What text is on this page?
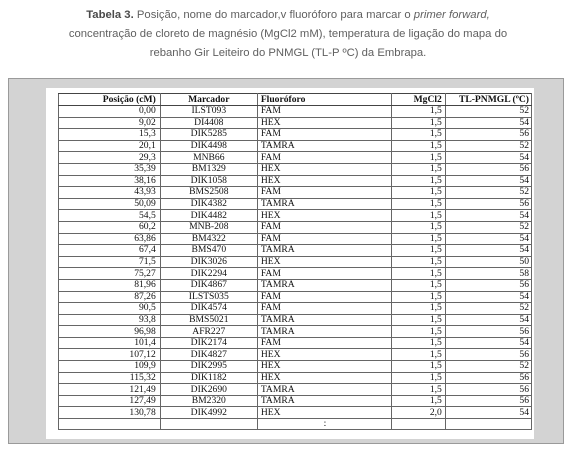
Tabela 3. Posição, nome do marcador,v fluoróforo para marcar o primer forward,
concentração de cloreto de magnésio (MgCl2 mM), temperatura de ligação do mapa do
rebanho Gir Leiteiro do PNMGL (TL-P ºC) da Embrapa.
Posição (cM)	Marcador	Fluoróforo	MgCl2	TL-PNMGL (ºC)
0,00	ILST093	FAM	1,5	52
9,02	DI4408	HEX	1,5	54
15,3	DIK5285	FAM	1,5	56
20,1	DIK4498	TAMRA	1,5	52
29,3	MNB66	FAM	1,5	54
35,39	BM1329	HEX	1,5	56
38,16	DIK1058	HEX	1,5	54
43,93	BMS2508	FAM	1,5	52
50,09	DIK4382	TAMRA	1,5	56
54,5	DIK4482	HEX	1,5	54
60,2	MNB-208	FAM	1,5	52
63,86	BM4322	FAM	1,5	54
67,4	BMS470	TAMRA	1,5	54
71,5	DIK3026	HEX	1,5	50
75,27	DIK2294	FAM	1,5	58
81,96	DIK4867	TAMRA	1,5	56
87,26	ILSTS035	FAM	1,5	54
90,5	DIK4574	FAM	1,5	52
93,8	BMS5021	TAMRA	1,5	54
96,98	AFR227	TAMRA	1,5	56
101,4	DIK2174	FAM	1,5	54
107,12	DIK4827	HEX	1,5	56
109,9	DIK2995	HEX	1,5	52
115,32	DIK1182	HEX	1,5	56
121,49	DIK2690	TAMRA	1,5	56
127,49	BM2320	TAMRA	1,5	56
130,78	DIK4992	HEX	2,0	54
		:		
